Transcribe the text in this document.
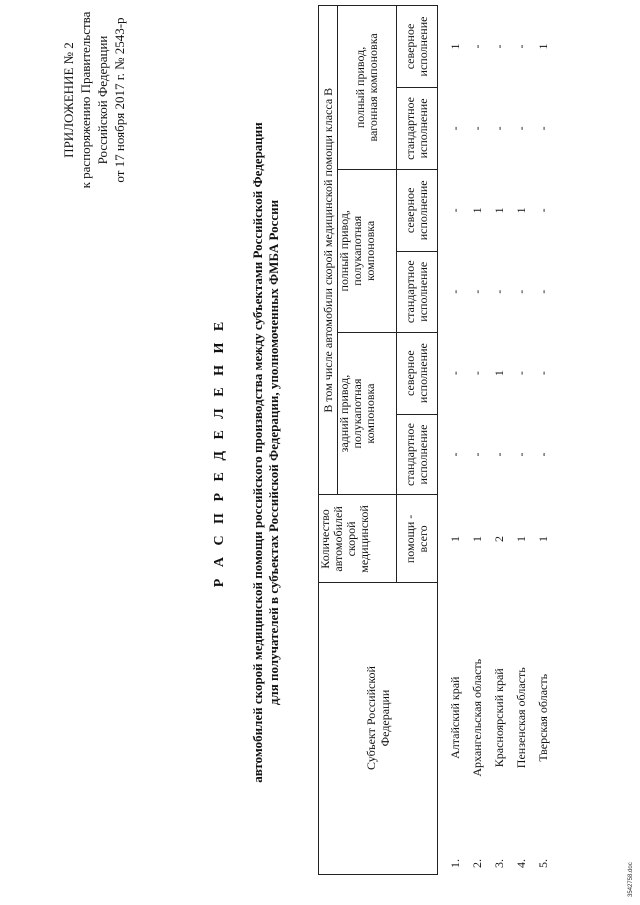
ПРИЛОЖЕНИЕ № 2 к распоряжению Правительства Российской Федерации от 17 ноября 2017 г. № 2543-р
Р А С П Р Е Д Е Л Е Н И Е автомобилей скорой медицинской помощи российского производства между субъектами Российской Федерации для получателей в субъектах Российской Федерации, уполномоченных ФМБА России
	Субъект Российской Федерации	Количество автомобилей скорой медицинской	В том числе автомобили скорой медицинской помощи класса В					
			задний привод, полукапотная компоновка		полный привод, полукапотная компоновка		полный привод, вагонная компоновка	
		помощи - всего	стандартное исполнение	северное исполнение	стандартное исполнение	северное исполнение	стандартное исполнение	северное исполнение
1.	Алтайский край	1	-	-	-	-	-	1
2.	Архангельская область	1	-	-	-	1	-	-
3.	Красноярский край	2	-	1	-	1	-	-
4.	Пензенская область	1	-	-	-	1	-	-
5.	Тверская область	1	-	-	-	-	-	1
3542758.doc
